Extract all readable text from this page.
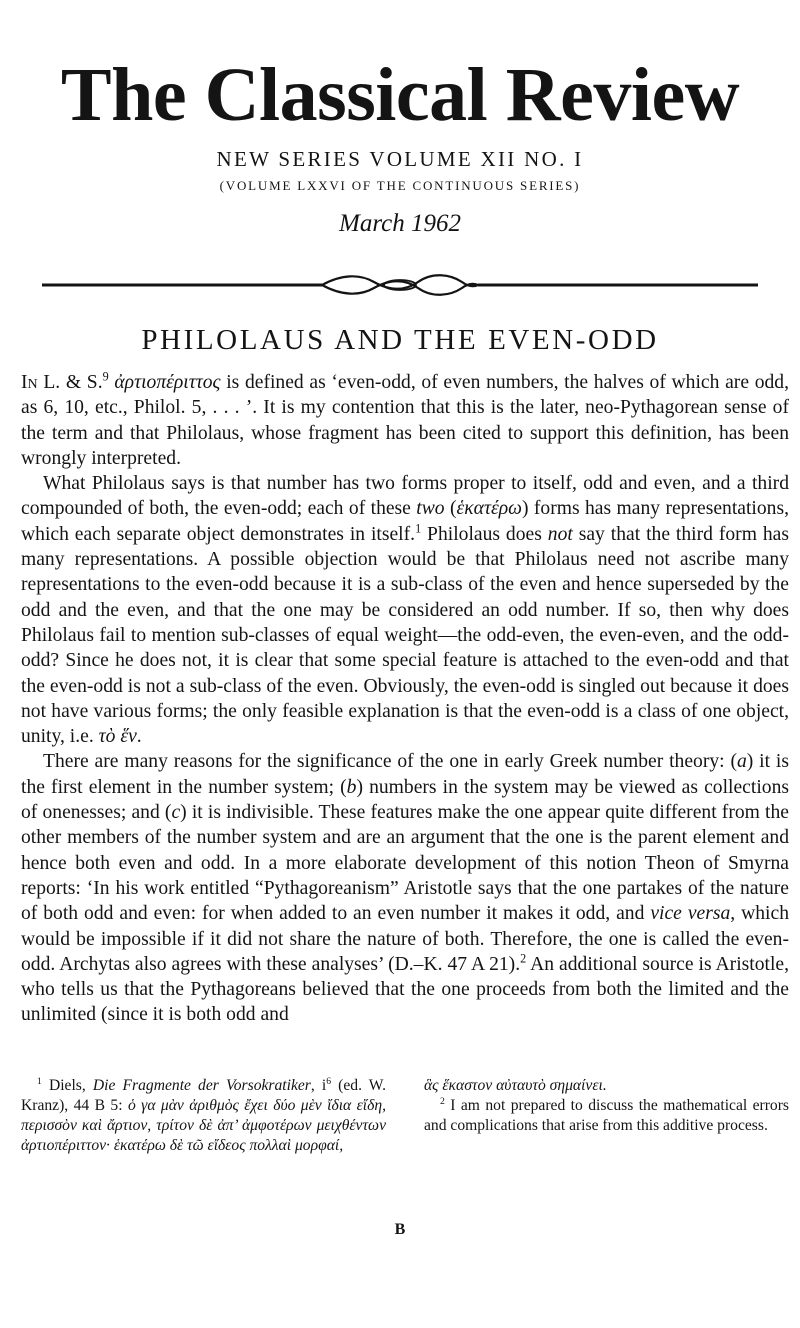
The Classical Review
NEW SERIES VOLUME XII NO. I
(VOLUME LXXVI OF THE CONTINUOUS SERIES)
March 1962
PHILOLAUS AND THE EVEN-ODD

In L. & S.$^9$ ἀρτιοπέριττος is defined as ‘even-odd, of even numbers, the halves of which are odd, as 6, 10, etc., Philol. 5, . . . ’. It is my contention that this is the later, neo-Pythagorean sense of the term and that Philolaus, whose fragment has been cited to support this definition, has been wrongly interpreted.

What Philolaus says is that number has two forms proper to itself, odd and even, and a third compounded of both, the even-odd; each of these two (ἑκατέρω) forms has many representations, which each separate object demonstrates in itself.$^1$ Philolaus does not say that the third form has many representations. A possible objection would be that Philolaus need not ascribe many representations to the even-odd because it is a sub-class of the even and hence superseded by the odd and the even, and that the one may be considered an odd number. If so, then why does Philolaus fail to mention sub-classes of equal weight—the odd-even, the even-even, and the odd-odd? Since he does not, it is clear that some special feature is attached to the even-odd and that the even-odd is not a sub-class of the even. Obviously, the even-odd is singled out because it does not have various forms; the only feasible explanation is that the even-odd is a class of one object, unity, i.e. τὸ ἕν.

There are many reasons for the significance of the one in early Greek number theory: (a) it is the first element in the number system; (b) numbers in the system may be viewed as collections of onenesses; and (c) it is indivisible. These features make the one appear quite different from the other members of the number system and are an argument that the one is the parent element and hence both even and odd. In a more elaborate development of this notion Theon of Smyrna reports: ‘In his work entitled “Pythagoreanism” Aristotle says that the one partakes of the nature of both odd and even: for when added to an even number it makes it odd, and vice versa, which would be impossible if it did not share the nature of both. Therefore, the one is called the even-odd. Archytas also agrees with these analyses’ (D.–K. 47 A 21).$^2$ An additional source is Aristotle, who tells us that the Pythagoreans believed that the one proceeds from both the limited and the unlimited (since it is both odd and

$^1$ Diels, Die Fragmente der Vorsokratiker, $i^6$ (ed. W. Kranz), 44 B 5: ὁ γα μὰν ἀριθμὸς ἔχει δύο μὲν ἴδια εἴδη, περισσὸν καὶ ἄρτιον, τρίτον δὲ ἀπ’ ἀμφοτέρων μειχθέντων ἀρτιοπέριττον· ἑκατέρω δὲ τῶ εἴδεος πολλαὶ μορφαί,

ἃς ἕκαστον αὐταυτὸ σημαίνει.

$^2$ I am not prepared to discuss the mathematical errors and complications that arise from this additive process.

B
